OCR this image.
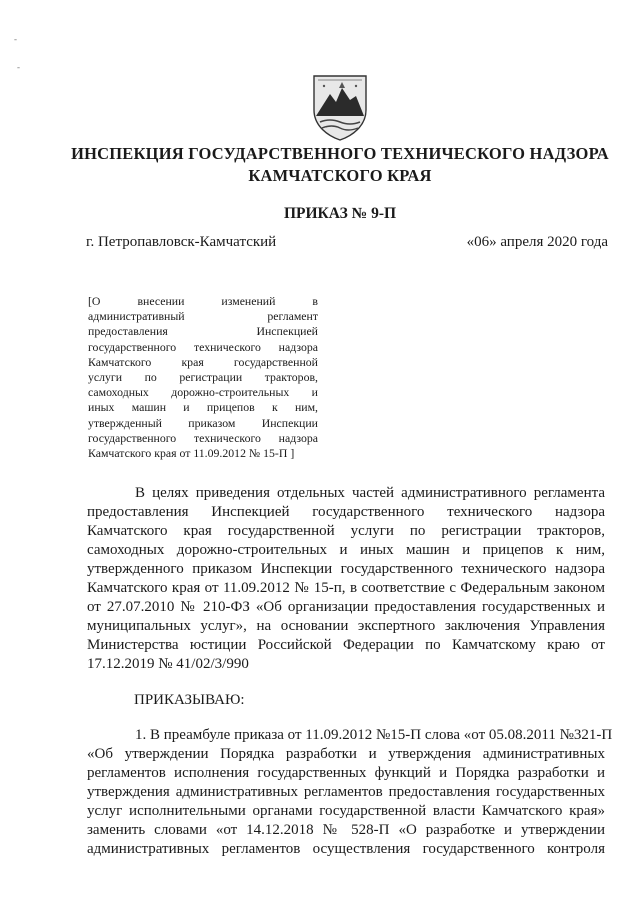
-
-
ИНСПЕКЦИЯ ГОСУДАРСТВЕННОГО ТЕХНИЧЕСКОГО НАДЗОРА
КАМЧАТСКОГО КРАЯ
ПРИКАЗ № 9-П
г. Петропавловск-Камчатский	«06» апреля 2020 года
[О внесении изменений в
административный регламент
предоставления Инспекцией
государственного технического надзора
Камчатского края государственной
услуги по регистрации тракторов,
самоходных дорожно-строительных и
иных машин и прицепов к ним,
утвержденный приказом Инспекции
государственного технического надзора
Камчатского края от 11.09.2012 № 15-П ]
В целях приведения отдельных частей административного регламента
предоставления Инспекцией государственного технического надзора
Камчатского края государственной услуги по регистрации тракторов,
самоходных дорожно-строительных и иных машин и прицепов к ним,
утвержденного приказом Инспекции государственного технического надзора
Камчатского края от 11.09.2012 № 15-п, в соответствие с Федеральным законом
от 27.07.2010 № 210-ФЗ «Об организации предоставления государственных и
муниципальных услуг», на основании экспертного заключения Управления
Министерства юстиции Российской Федерации по Камчатскому краю от
17.12.2019 № 41/02/3/990
ПРИКАЗЫВАЮ:
1. В преамбуле приказа от 11.09.2012 №15-П слова «от 05.08.2011 №321-П
«Об утверждении Порядка разработки и утверждения административных
регламентов исполнения государственных функций и Порядка разработки и
утверждения административных регламентов предоставления государственных
услуг исполнительными органами государственной власти Камчатского края»
заменить словами «от 14.12.2018 № 528-П «О разработке и утверждении
административных регламентов осуществления государственного контроля
